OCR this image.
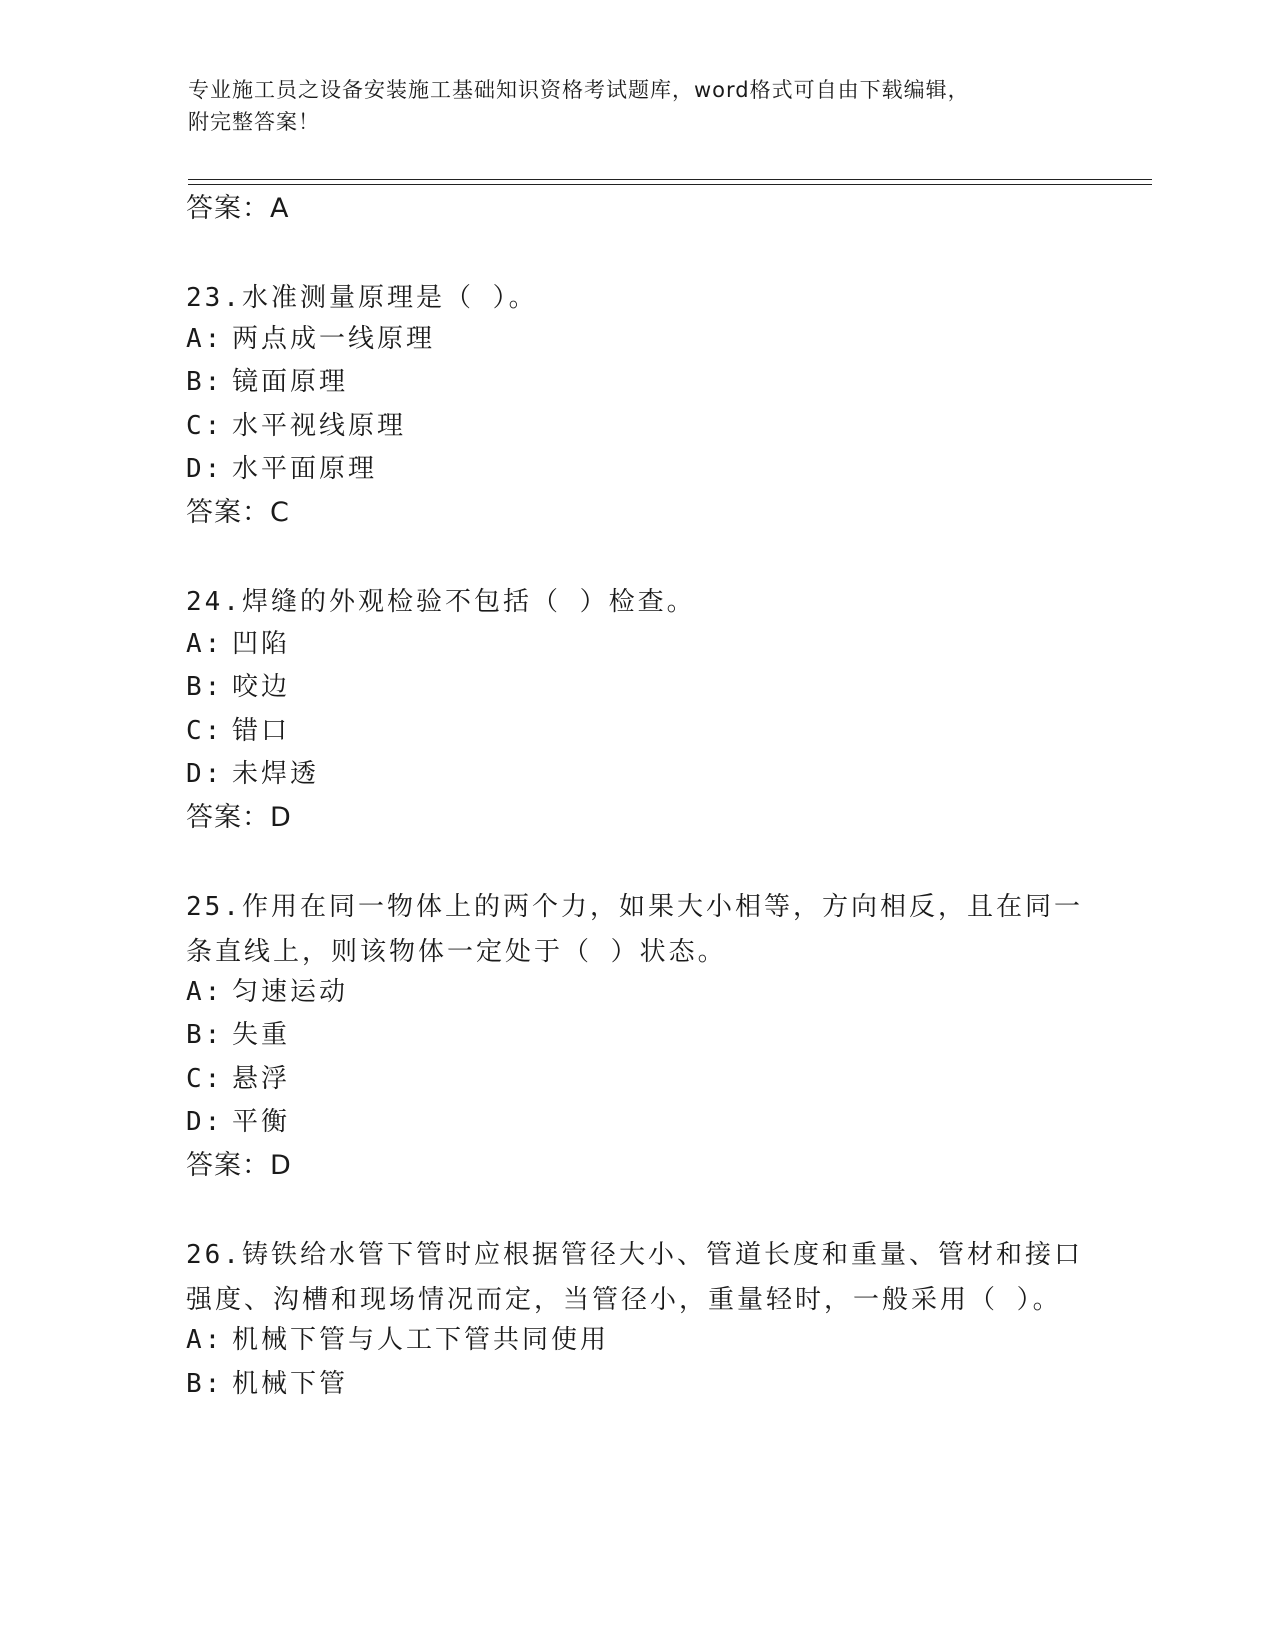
专业施工员之设备安装施工基础知识资格考试题库，word格式可自由下载编辑，
附完整答案！
答案：A
23.水准测量原理是（ ）。
A: 两点成一线原理
B: 镜面原理
C: 水平视线原理
D: 水平面原理
答案：C
24.焊缝的外观检验不包括（ ）检查。
A: 凹陷
B: 咬边
C: 错口
D: 未焊透
答案：D
25.作用在同一物体上的两个力，如果大小相等，方向相反，且在同一条直线上，则该物体一定处于（ ）状态。
A: 匀速运动
B: 失重
C: 悬浮
D: 平衡
答案：D
26.铸铁给水管下管时应根据管径大小、管道长度和重量、管材和接口强度、沟槽和现场情况而定，当管径小，重量轻时，一般采用（ ）。
A: 机械下管与人工下管共同使用
B: 机械下管
